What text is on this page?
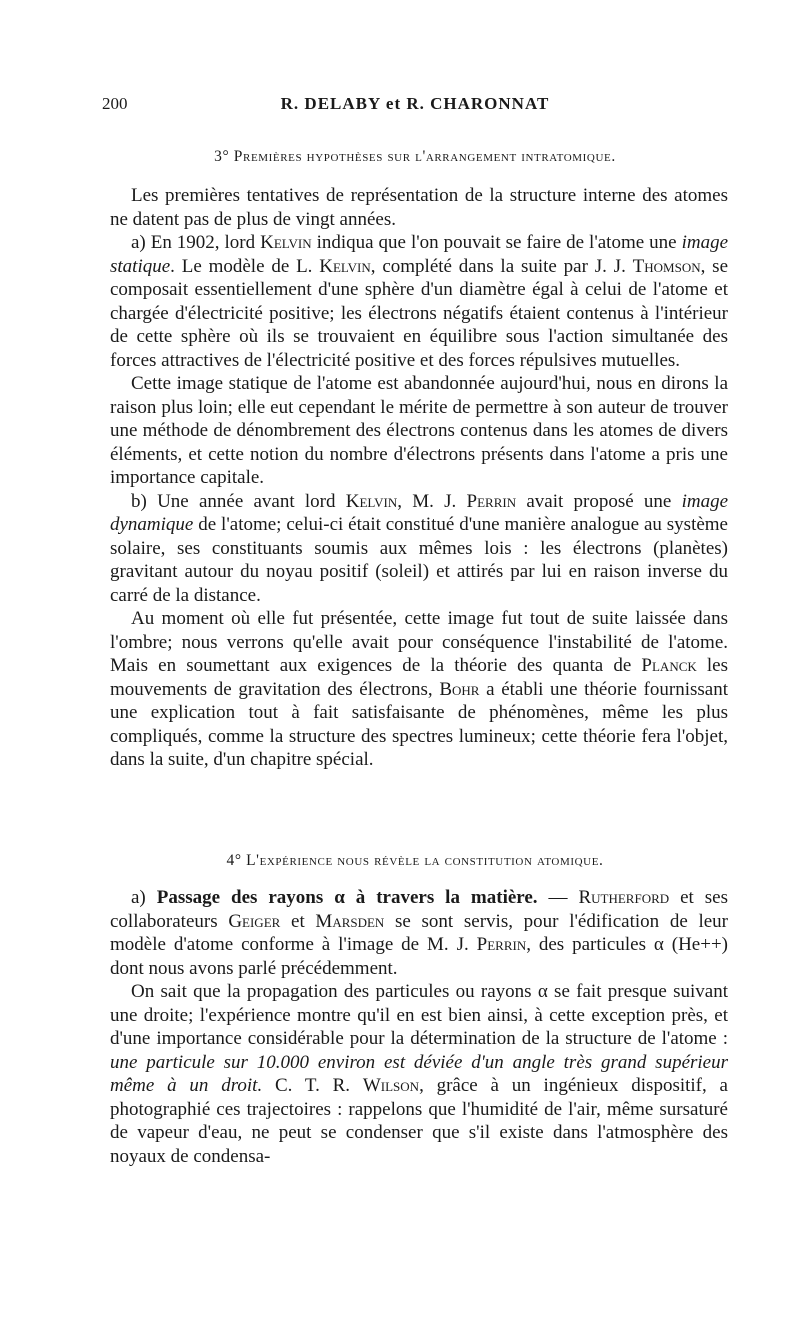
200	R. DELABY et R. CHARONNAT
3° Premières hypothèses sur l'arrangement intratomique.

Les premières tentatives de représentation de la structure interne des atomes ne datent pas de plus de vingt années.

a) En 1902, lord Kelvin indiqua que l'on pouvait se faire de l'atome une image statique. Le modèle de L. Kelvin, complété dans la suite par J. J. Thomson, se composait essentiellement d'une sphère d'un diamètre égal à celui de l'atome et chargée d'électricité positive; les électrons négatifs étaient contenus à l'intérieur de cette sphère où ils se trouvaient en équilibre sous l'action simultanée des forces attractives de l'électricité positive et des forces répulsives mutuelles.

Cette image statique de l'atome est abandonnée aujourd'hui, nous en dirons la raison plus loin; elle eut cependant le mérite de permettre à son auteur de trouver une méthode de dénombrement des électrons contenus dans les atomes de divers éléments, et cette notion du nombre d'électrons présents dans l'atome a pris une importance capitale.

b) Une année avant lord Kelvin, M. J. Perrin avait proposé une image dynamique de l'atome; celui-ci était constitué d'une manière analogue au système solaire, ses constituants soumis aux mêmes lois : les électrons (planètes) gravitant autour du noyau positif (soleil) et attirés par lui en raison inverse du carré de la distance.

Au moment où elle fut présentée, cette image fut tout de suite laissée dans l'ombre; nous verrons qu'elle avait pour conséquence l'instabilité de l'atome. Mais en soumettant aux exigences de la théorie des quanta de Planck les mouvements de gravitation des électrons, Bohr a établi une théorie fournissant une explication tout à fait satisfaisante de phénomènes, même les plus compliqués, comme la structure des spectres lumineux; cette théorie fera l'objet, dans la suite, d'un chapitre spécial.

4° L'expérience nous révèle la constitution atomique.

a) Passage des rayons α à travers la matière. — Rutherford et ses collaborateurs Geiger et Marsden se sont servis, pour l'édification de leur modèle d'atome conforme à l'image de M. J. Perrin, des particules α (He++) dont nous avons parlé précédemment.

On sait que la propagation des particules ou rayons α se fait presque suivant une droite; l'expérience montre qu'il en est bien ainsi, à cette exception près, et d'une importance considérable pour la détermination de la structure de l'atome : une particule sur 10.000 environ est déviée d'un angle très grand supérieur même à un droit. C. T. R. Wilson, grâce à un ingénieux dispositif, a photographié ces trajectoires : rappelons que l'humidité de l'air, même sursaturé de vapeur d'eau, ne peut se condenser que s'il existe dans l'atmosphère des noyaux de condensa-
